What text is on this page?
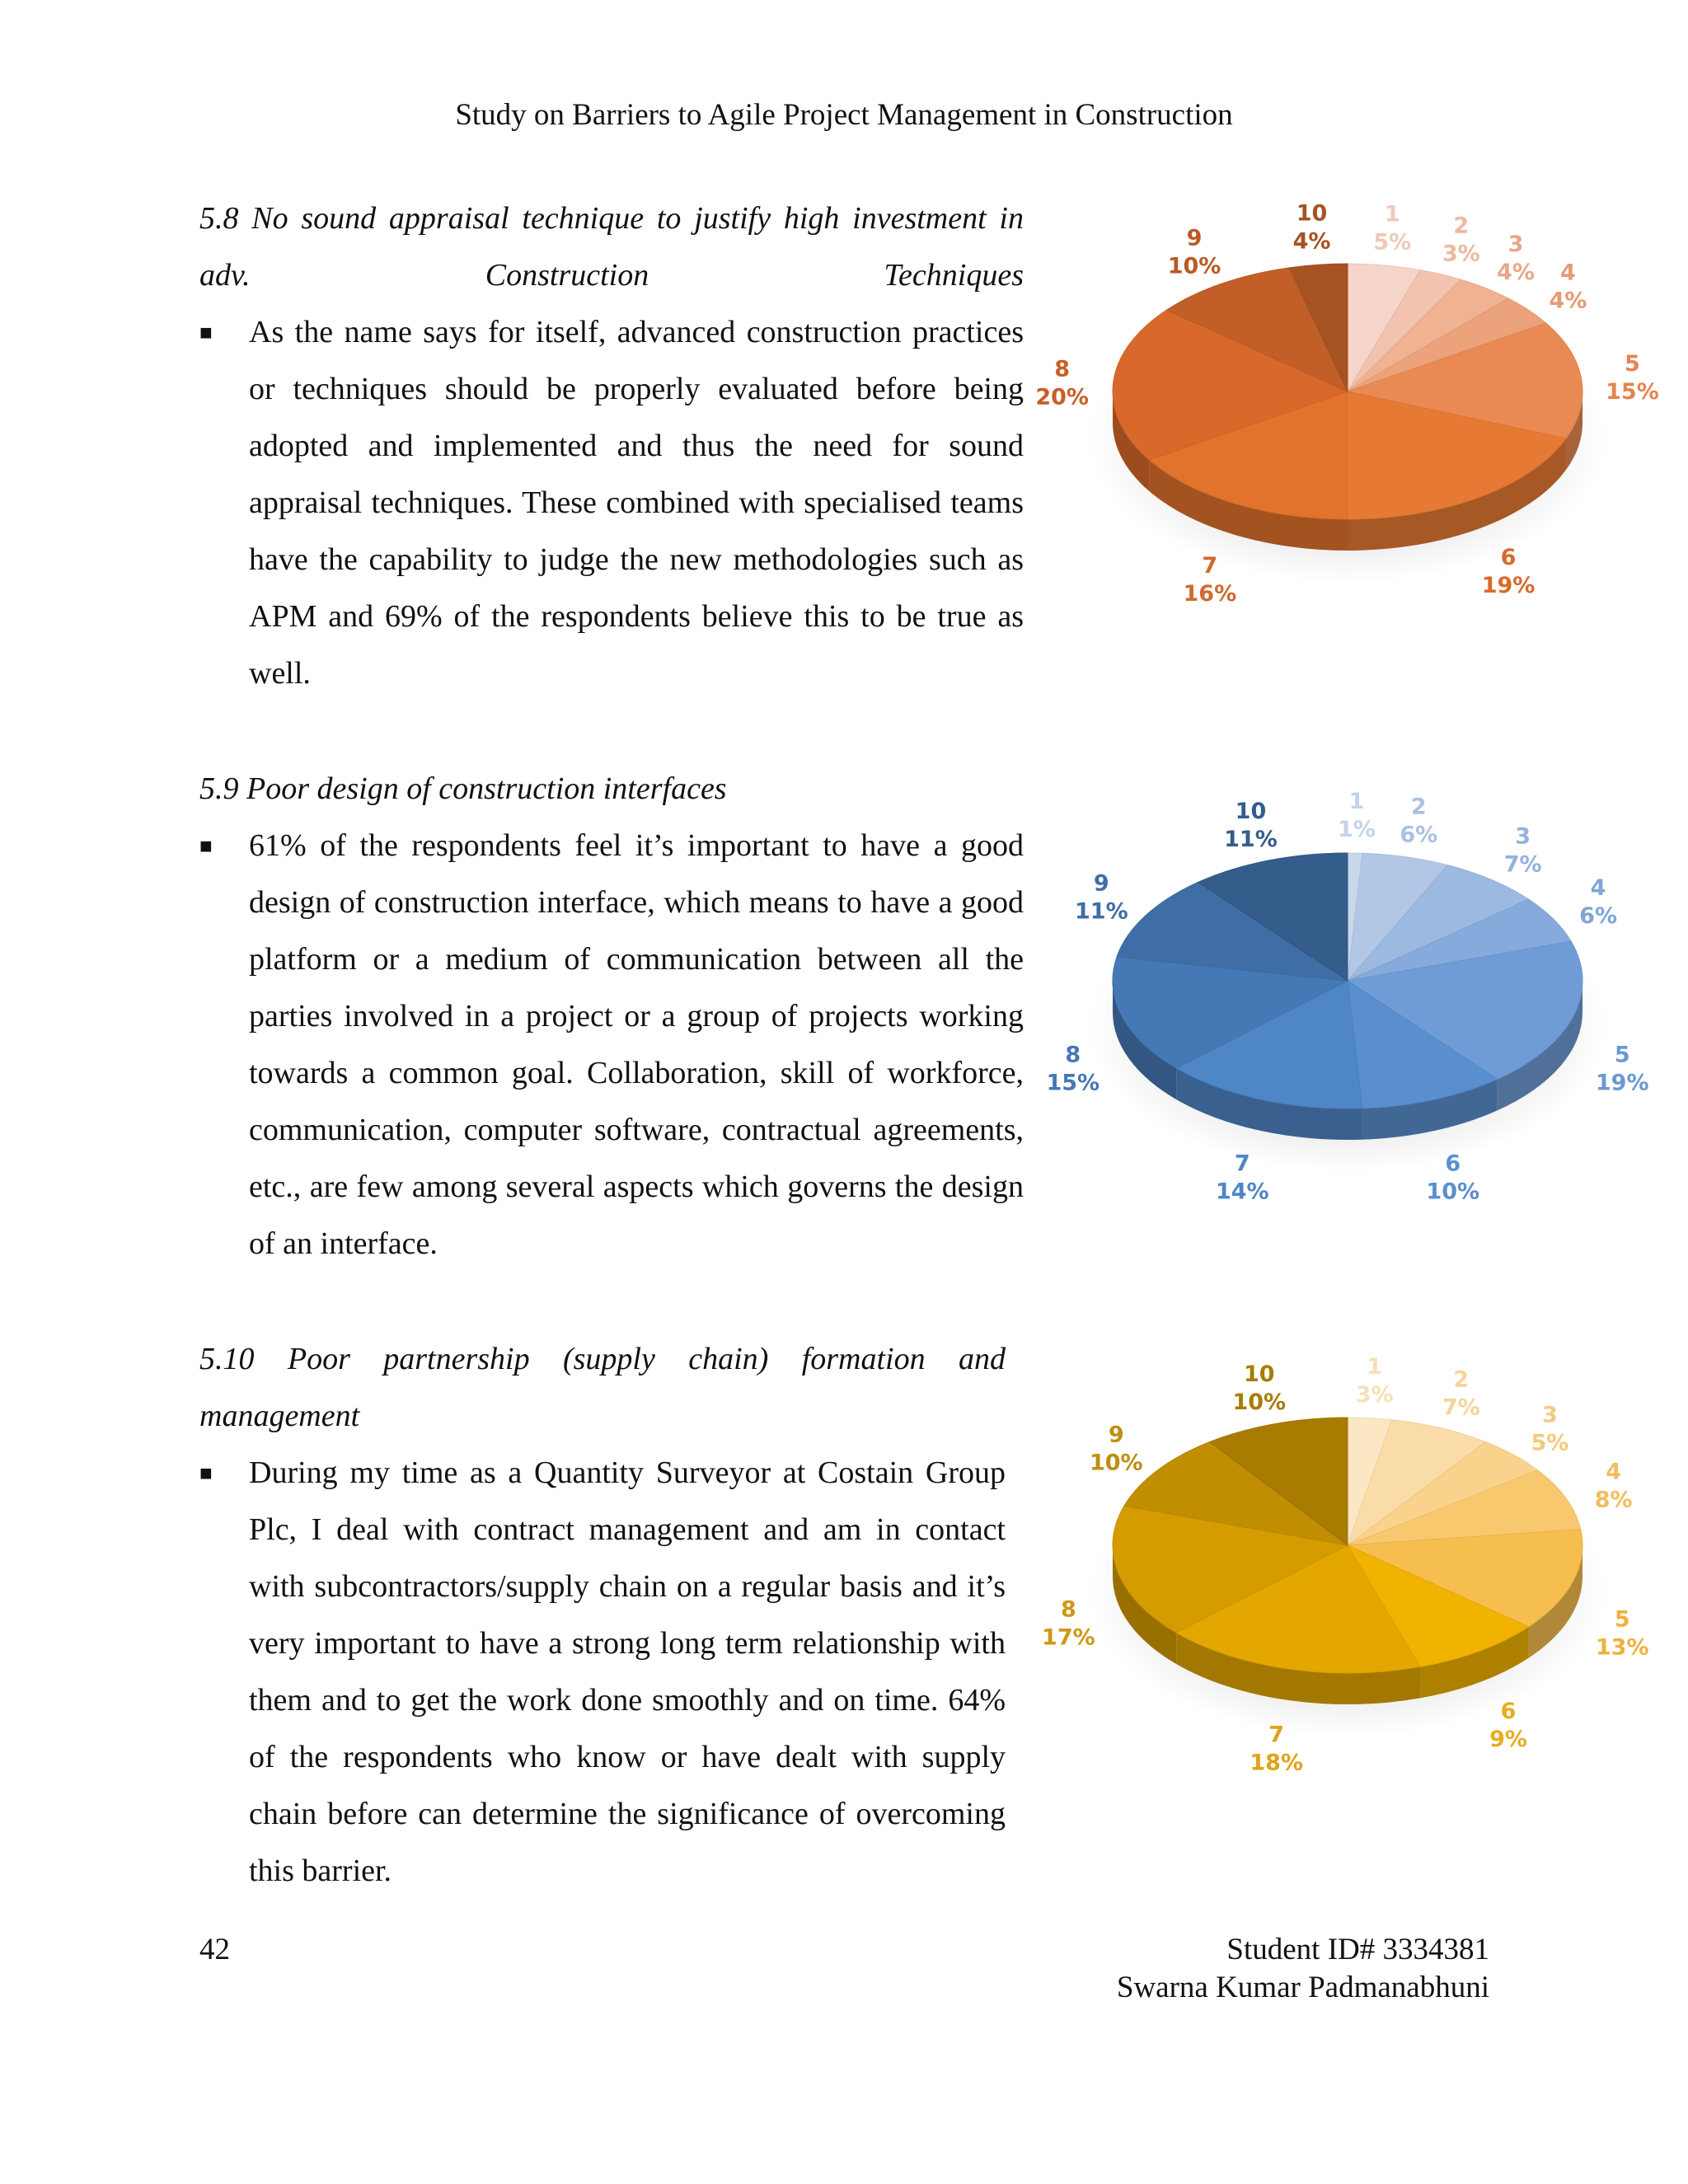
Study on Barriers to Agile Project Management in Construction

5.8 No sound appraisal technique to justify high investment in adv. Construction Techniques

■ As the name says for itself, advanced construction practices or techniques should be properly evaluated before being adopted and implemented and thus the need for sound appraisal techniques. These combined with specialised teams have the capability to judge the new methodologies such as APM and 69% of the respondents believe this to be true as well.

5.9 Poor design of construction interfaces

■ 61% of the respondents feel it’s important to have a good design of construction interface, which means to have a good platform or a medium of communication between all the parties involved in a project or a group of projects working towards a common goal. Collaboration, skill of workforce, communication, computer software, contractual agreements, etc., are few among several aspects which governs the design of an interface.

5.10 Poor partnership (supply chain) formation and management

■ During my time as a Quantity Surveyor at Costain Group Plc, I deal with contract management and am in contact with subcontractors/supply chain on a regular basis and it’s very important to have a strong long term relationship with them and to get the work done smoothly and on time. 64% of the respondents who know or have dealt with supply chain before can determine the significance of overcoming this barrier.

1
5%
2
3% 3
4% 4
4%
5
15%
6
19%
7
16%
8
20%
9
10%
10
4%
1
1%
2
6%	3
7%
4
6%
5
19%
6
10%
7
14%
8
15%
9
11%
10
11%
1
3%
2
7%	3
5%
4
8%
5
13%
6
9%
7
18%
8
17%
9
10%
10
10%
42	Student ID# 3334381
Swarna Kumar Padmanabhuni
